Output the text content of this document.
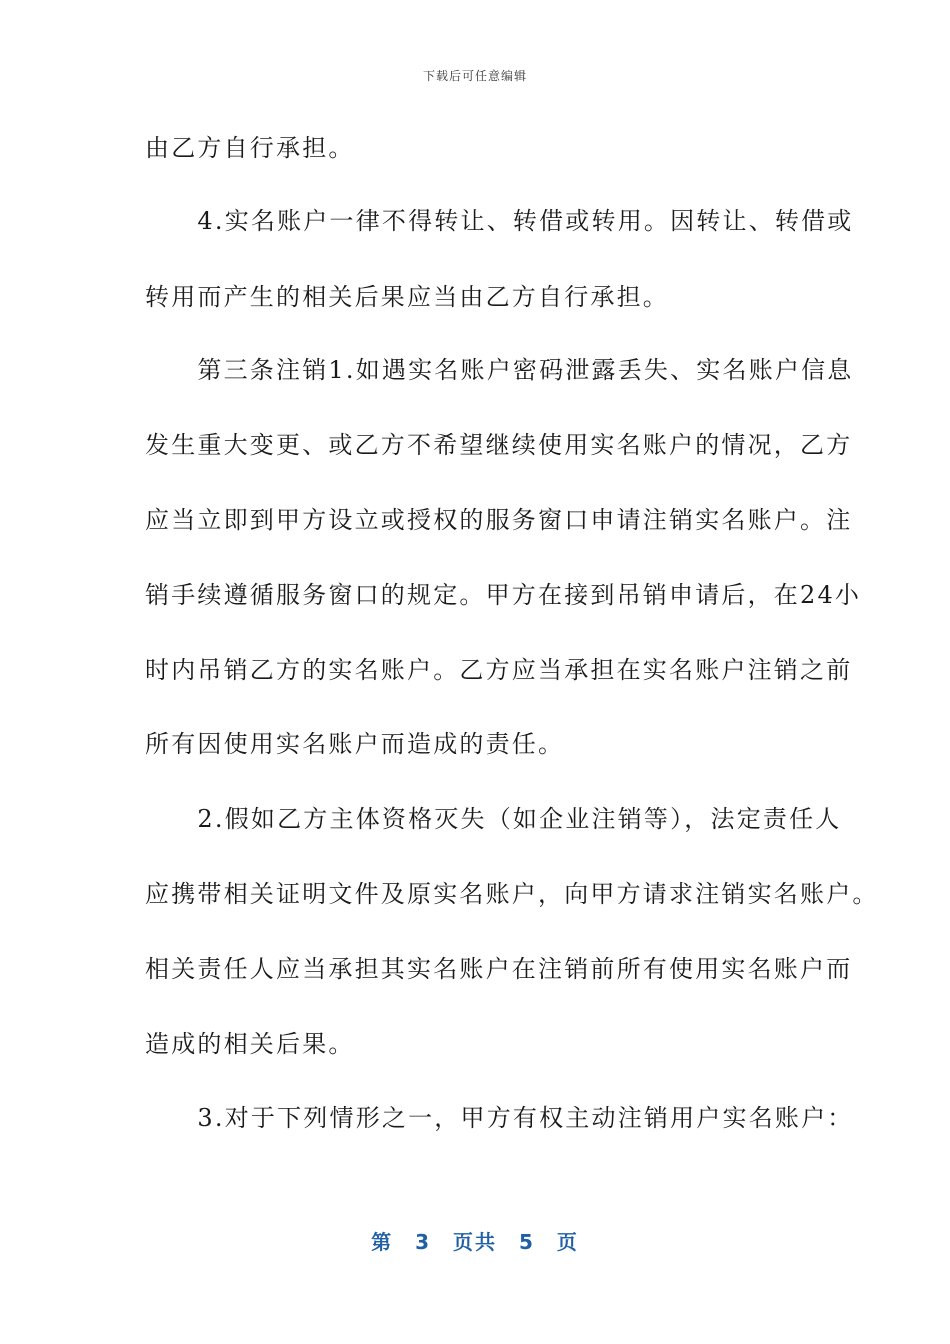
下载后可任意编辑
由乙方自行承担。
　　4.实名账户一律不得转让、转借或转用。因转让、转借或
转用而产生的相关后果应当由乙方自行承担。
　　第三条注销1.如遇实名账户密码泄露丢失、实名账户信息
发生重大变更、或乙方不希望继续使用实名账户的情况，乙方
应当立即到甲方设立或授权的服务窗口申请注销实名账户。注
销手续遵循服务窗口的规定。甲方在接到吊销申请后，在24小
时内吊销乙方的实名账户。乙方应当承担在实名账户注销之前
所有因使用实名账户而造成的责任。
　　2.假如乙方主体资格灭失（如企业注销等），法定责任人
应携带相关证明文件及原实名账户，向甲方请求注销实名账户。
相关责任人应当承担其实名账户在注销前所有使用实名账户而
造成的相关后果。
　　3.对于下列情形之一，甲方有权主动注销用户实名账户：
第 3 页共 5 页
